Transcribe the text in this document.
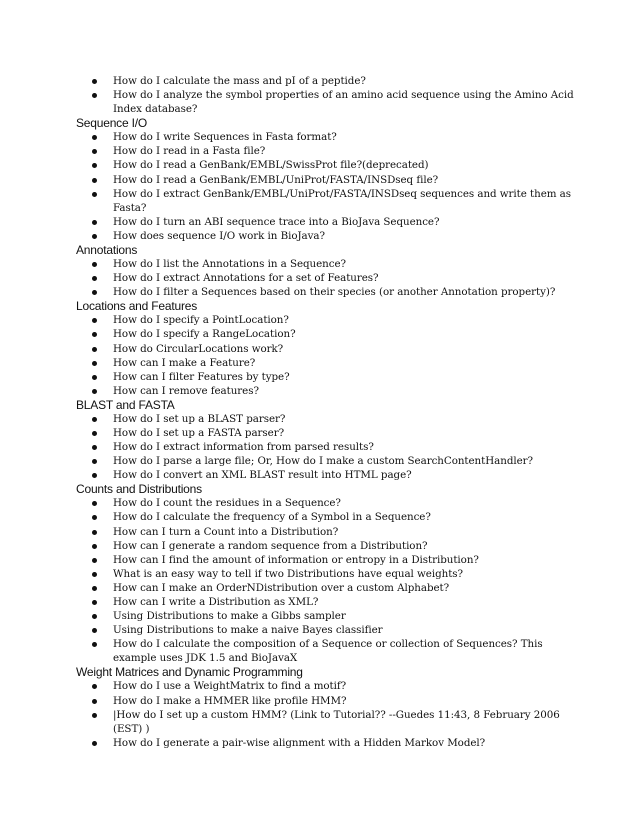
How do I calculate the mass and pI of a peptide?
How do I analyze the symbol properties of an amino acid sequence using the Amino Acid Index database?
Sequence I/O
How do I write Sequences in Fasta format?
How do I read in a Fasta file?
How do I read a GenBank/EMBL/SwissProt file?(deprecated)
How do I read a GenBank/EMBL/UniProt/FASTA/INSDseq file?
How do I extract GenBank/EMBL/UniProt/FASTA/INSDseq sequences and write them as Fasta?
How do I turn an ABI sequence trace into a BioJava Sequence?
How does sequence I/O work in BioJava?
Annotations
How do I list the Annotations in a Sequence?
How do I extract Annotations for a set of Features?
How do I filter a Sequences based on their species (or another Annotation property)?
Locations and Features
How do I specify a PointLocation?
How do I specify a RangeLocation?
How do CircularLocations work?
How can I make a Feature?
How can I filter Features by type?
How can I remove features?
BLAST and FASTA
How do I set up a BLAST parser?
How do I set up a FASTA parser?
How do I extract information from parsed results?
How do I parse a large file; Or, How do I make a custom SearchContentHandler?
How do I convert an XML BLAST result into HTML page?
Counts and Distributions
How do I count the residues in a Sequence?
How do I calculate the frequency of a Symbol in a Sequence?
How can I turn a Count into a Distribution?
How can I generate a random sequence from a Distribution?
How can I find the amount of information or entropy in a Distribution?
What is an easy way to tell if two Distributions have equal weights?
How can I make an OrderNDistribution over a custom Alphabet?
How can I write a Distribution as XML?
Using Distributions to make a Gibbs sampler
Using Distributions to make a naive Bayes classifier
How do I calculate the composition of a Sequence or collection of Sequences? This example uses JDK 1.5 and BioJavaX
Weight Matrices and Dynamic Programming
How do I use a WeightMatrix to find a motif?
How do I make a HMMER like profile HMM?
|How do I set up a custom HMM? (Link to Tutorial?? --Guedes 11:43, 8 February 2006 (EST) )
How do I generate a pair-wise alignment with a Hidden Markov Model?
